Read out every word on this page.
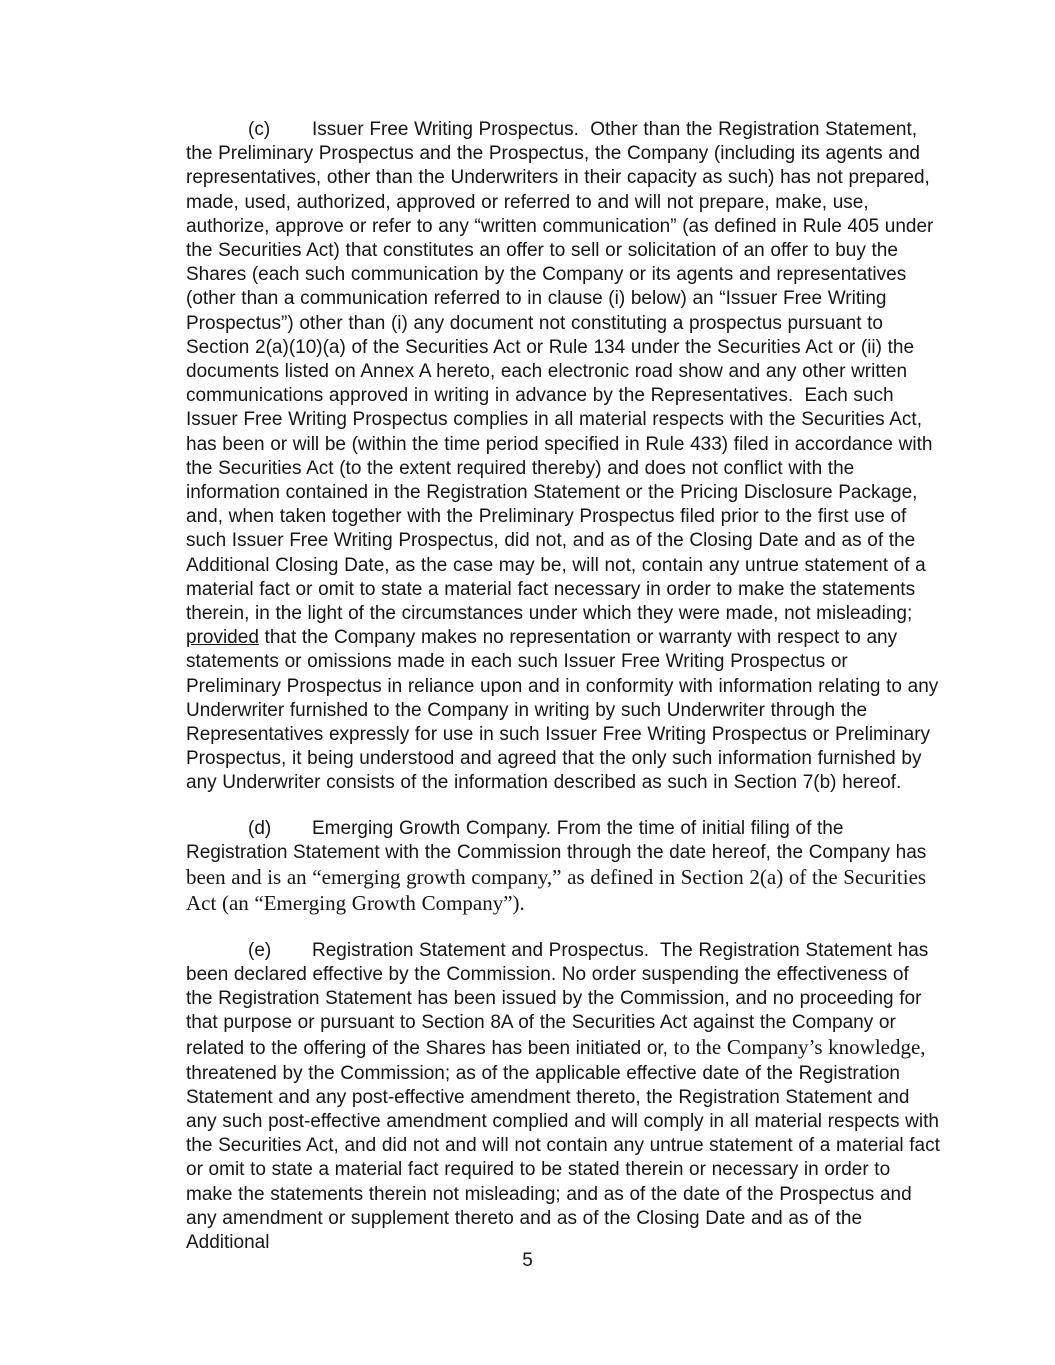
(c) Issuer Free Writing Prospectus.  Other than the Registration Statement, the Preliminary Prospectus and the Prospectus, the Company (including its agents and representatives, other than the Underwriters in their capacity as such) has not prepared, made, used, authorized, approved or referred to and will not prepare, make, use, authorize, approve or refer to any “written communication” (as defined in Rule 405 under the Securities Act) that constitutes an offer to sell or solicitation of an offer to buy the Shares (each such communication by the Company or its agents and representatives (other than a communication referred to in clause (i) below) an “Issuer Free Writing Prospectus”) other than (i) any document not constituting a prospectus pursuant to Section 2(a)(10)(a) of the Securities Act or Rule 134 under the Securities Act or (ii) the documents listed on Annex A hereto, each electronic road show and any other written communications approved in writing in advance by the Representatives.  Each such Issuer Free Writing Prospectus complies in all material respects with the Securities Act, has been or will be (within the time period specified in Rule 433) filed in accordance with the Securities Act (to the extent required thereby) and does not conflict with the information contained in the Registration Statement or the Pricing Disclosure Package, and, when taken together with the Preliminary Prospectus filed prior to the first use of such Issuer Free Writing Prospectus, did not, and as of the Closing Date and as of the Additional Closing Date, as the case may be, will not, contain any untrue statement of a material fact or omit to state a material fact necessary in order to make the statements therein, in the light of the circumstances under which they were made, not misleading; provided that the Company makes no representation or warranty with respect to any statements or omissions made in each such Issuer Free Writing Prospectus or Preliminary Prospectus in reliance upon and in conformity with information relating to any Underwriter furnished to the Company in writing by such Underwriter through the Representatives expressly for use in such Issuer Free Writing Prospectus or Preliminary Prospectus, it being understood and agreed that the only such information furnished by any Underwriter consists of the information described as such in Section 7(b) hereof.

(d) Emerging Growth Company. From the time of initial filing of the Registration Statement with the Commission through the date hereof, the Company has been and is an “emerging growth company,” as defined in Section 2(a) of the Securities Act (an “Emerging Growth Company”).

(e) Registration Statement and Prospectus.  The Registration Statement has been declared effective by the Commission. No order suspending the effectiveness of the Registration Statement has been issued by the Commission, and no proceeding for that purpose or pursuant to Section 8A of the Securities Act against the Company or related to the offering of the Shares has been initiated or, to the Company’s knowledge, threatened by the Commission; as of the applicable effective date of the Registration Statement and any post-effective amendment thereto, the Registration Statement and any such post-effective amendment complied and will comply in all material respects with the Securities Act, and did not and will not contain any untrue statement of a material fact or omit to state a material fact required to be stated therein or necessary in order to make the statements therein not misleading; and as of the date of the Prospectus and any amendment or supplement thereto and as of the Closing Date and as of the Additional

5
